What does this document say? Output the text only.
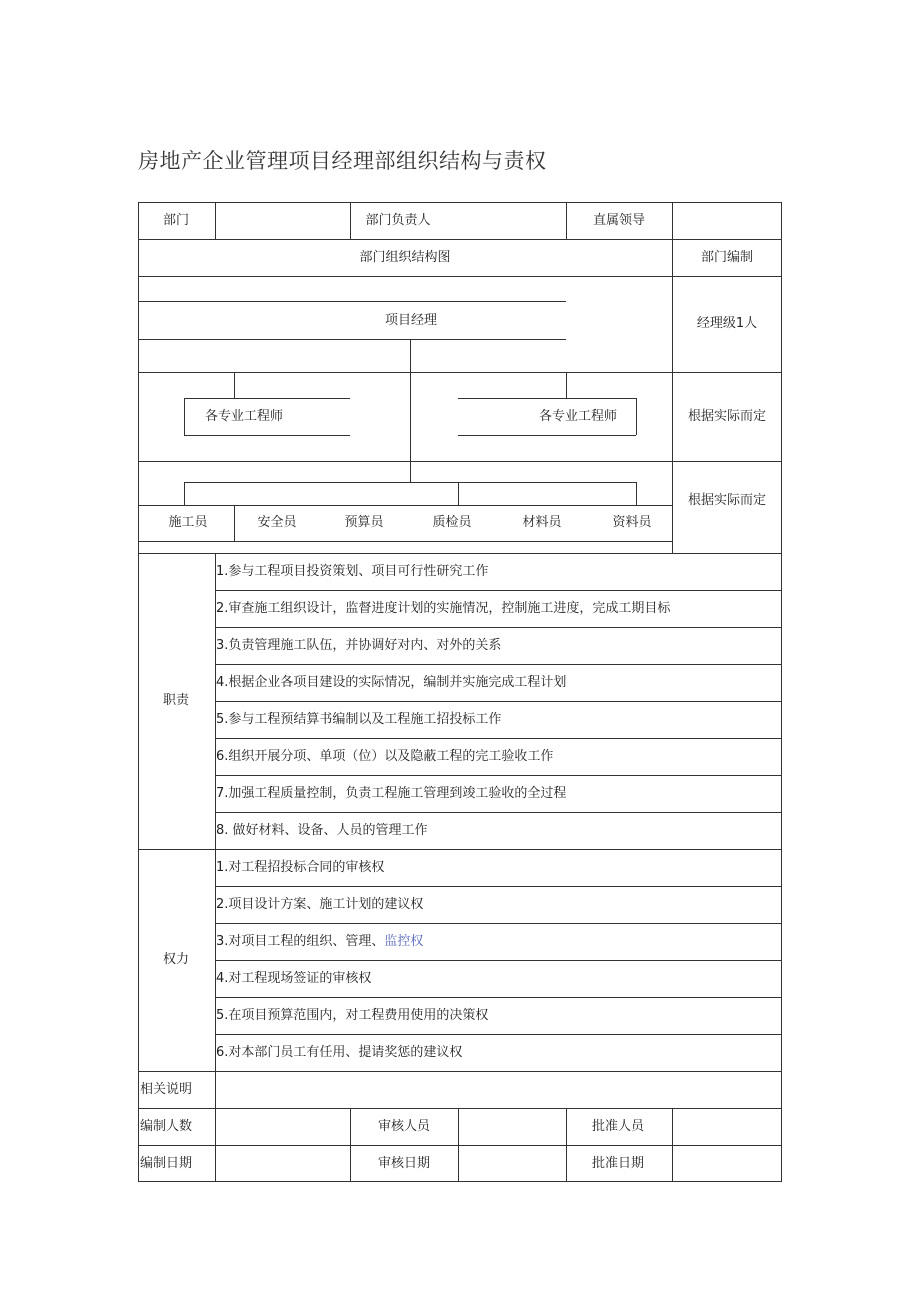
房地产企业管理项目经理部组织结构与责权
部门	部门负责人	直属领导
部门组织结构图	部门编制
项目经理	经理级1人
各专业工程师	各专业工程师	根据实际而定
根据实际而定
施工员	安全员	预算员	质检员	材料员	资料员
职责
1.参与工程项目投资策划、项目可行性研究工作
2.审查施工组织设计，监督进度计划的实施情况，控制施工进度，完成工期目标
3.负责管理施工队伍，并协调好对内、对外的关系
4.根据企业各项目建设的实际情况，编制并实施完成工程计划
5.参与工程预结算书编制以及工程施工招投标工作
6.组织开展分项、单项（位）以及隐蔽工程的完工验收工作
7.加强工程质量控制，负责工程施工管理到竣工验收的全过程
8. 做好材料、设备、人员的管理工作
权力
1.对工程招投标合同的审核权
2.项目设计方案、施工计划的建议权
3.对项目工程的组织、管理、监控权
4.对工程现场签证的审核权
5.在项目预算范围内，对工程费用使用的决策权
6.对本部门员工有任用、提请奖惩的建议权
相关说明
编制人数	审核人员	批准人员
编制日期	审核日期	批准日期
